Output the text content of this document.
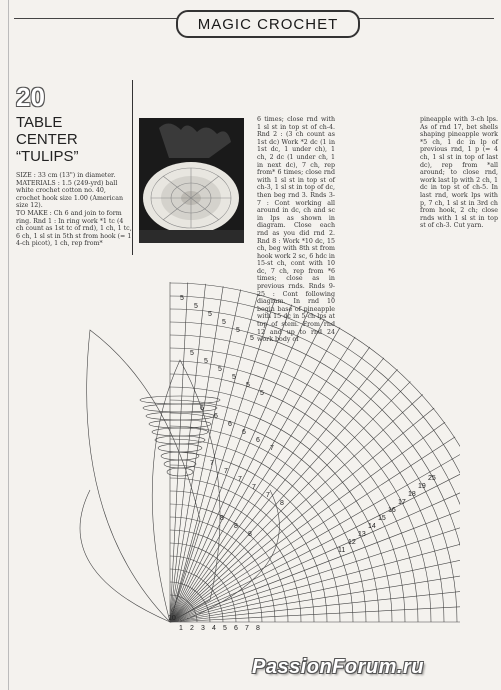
MAGIC CROCHET
20
TABLE
CENTER
“TULIPS”
SIZE : 33 cm (13") in diameter.
MATERIALS : 1.5 (249-yrd) ball white crochet cotton no. 40, crochet hook size 1.00 (American size 12).
TO MAKE : Ch 6 and join to form ring. Rnd 1 : In ring work *1 tc (4 ch count as 1st tc of rnd), 1 ch, 1 tc, 6 ch, 1 sl st in 5th st from hook (= 1 4-ch picot), 1 ch, rep from*
6 times; close rnd with 1 sl st in top st of ch-4. Rnd 2 : (3 ch count as 1st dc) Work *2 dc (1 in 1st dc, 1 under ch), 1 ch, 2 dc (1 under ch, 1 in next dc), 7 ch, rep from* 6 times; close rnd with 1 sl st in top st of ch-3, 1 sl st in top of dc, then beg rnd 3. Rnds 3-7 : Cont working all around in dc, ch and sc in lps as shown in diagram. Close each rnd as you did rnd 2. Rnd 8 : Work *10 dc, 15 ch, beg with 8th st from hook work 2 sc, 6 hdc in 15-st ch, cont with 10 dc, 7 ch, rep from *6 times; close as in previous rnds. Rnds 9-25 : Cont following diagram. In rnd 10 begin base of pineapple with 15 dc in 5-ch lps at top of stem. From rnd 12 and up to rnd 24 work body of
pineapple with 3-ch lps. As of rnd 17, bet shells shaping pineapple work *5 ch, 1 dc in lp of previous rnd, 1 p (= 4 ch, 1 sl st in top of last dc), rep from *all around; to close rnd, work last lp with 2 ch, 1 dc in top st of ch-5. In last rnd, work lps with p, 7 ch, 1 sl st in 3rd ch from hook, 2 ch; close rnds with 1 sl st in top st of ch-3. Cut yarn.
5
5
5
5
5
5
5
5
5
5
5
5
6
6
6
6
6
7
7
7
7
7
7
8
8
8
8
25
19
18
17
16
15
14
13
12
11
10
1 2 3 4 5 6 7 8
PassionForum.ru
